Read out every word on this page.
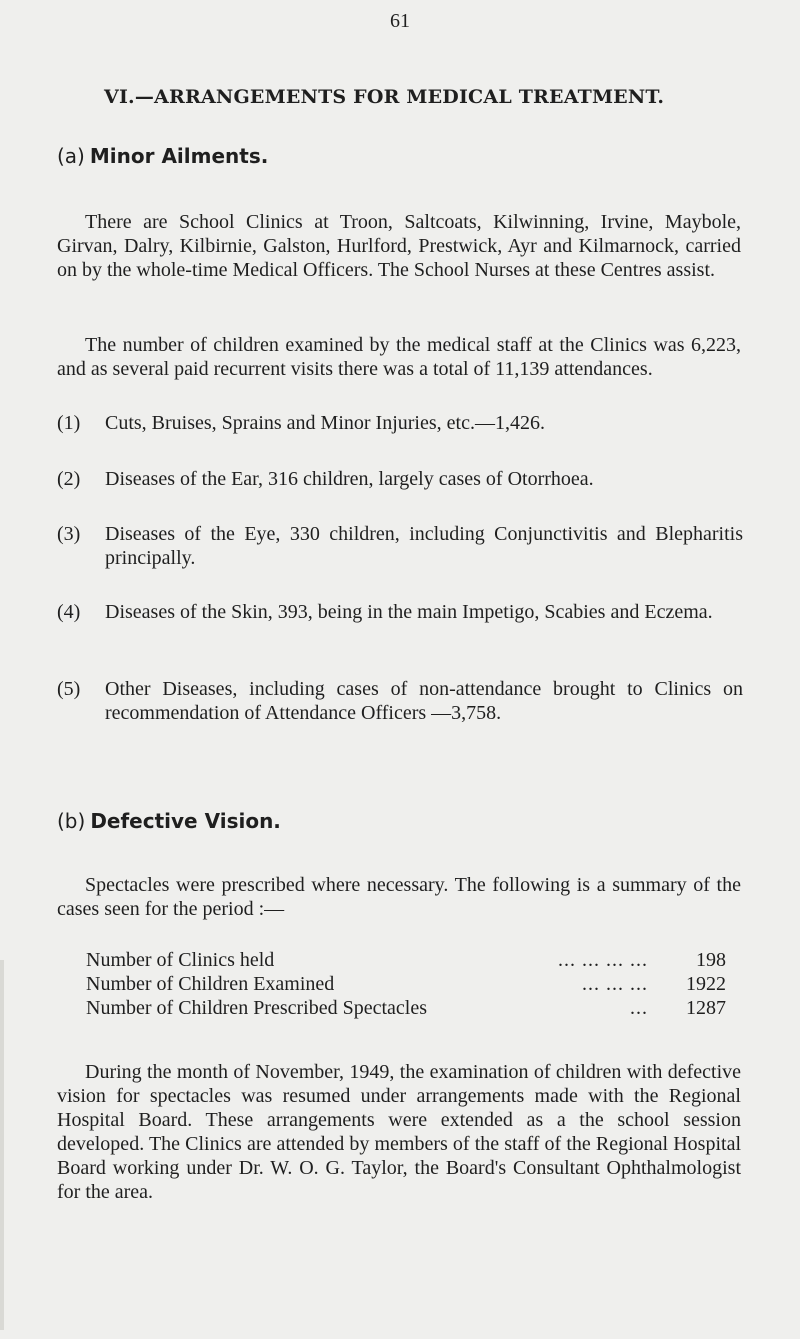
61
VI.—ARRANGEMENTS FOR MEDICAL TREATMENT.
(a) Minor Ailments.

There are School Clinics at Troon, Saltcoats, Kilwinning, Irvine, Maybole, Girvan, Dalry, Kilbirnie, Galston, Hurlford, Prestwick, Ayr and Kilmarnock, carried on by the whole-time Medical Officers. The School Nurses at these Centres assist.

The number of children examined by the medical staff at the Clinics was 6,223, and as several paid recurrent visits there was a total of 11,139 attendances.

(1) Cuts, Bruises, Sprains and Minor Injuries, etc.—1,426.
(2) Diseases of the Ear, 316 children, largely cases of Otorrhoea.
(3) Diseases of the Eye, 330 children, including Conjunctivitis and Blepharitis principally.
(4) Diseases of the Skin, 393, being in the main Impetigo, Scabies and Eczema.
(5) Other Diseases, including cases of non-attendance brought to Clinics on recommendation of Attendance Officers —3,758.
(b) Defective Vision.

Spectacles were prescribed where necessary. The following is a summary of the cases seen for the period :—

Number of Clinics held	... ... ... ...	198
Number of Children Examined	... ... ...	1922
Number of Children Prescribed Spectacles	...	1287

During the month of November, 1949, the examination of children with defective vision for spectacles was resumed under arrangements made with the Regional Hospital Board. These arrangements were extended as a the school session developed. The Clinics are attended by members of the staff of the Regional Hospital Board working under Dr. W. O. G. Taylor, the Board's Consultant Ophthalmologist for the area.
